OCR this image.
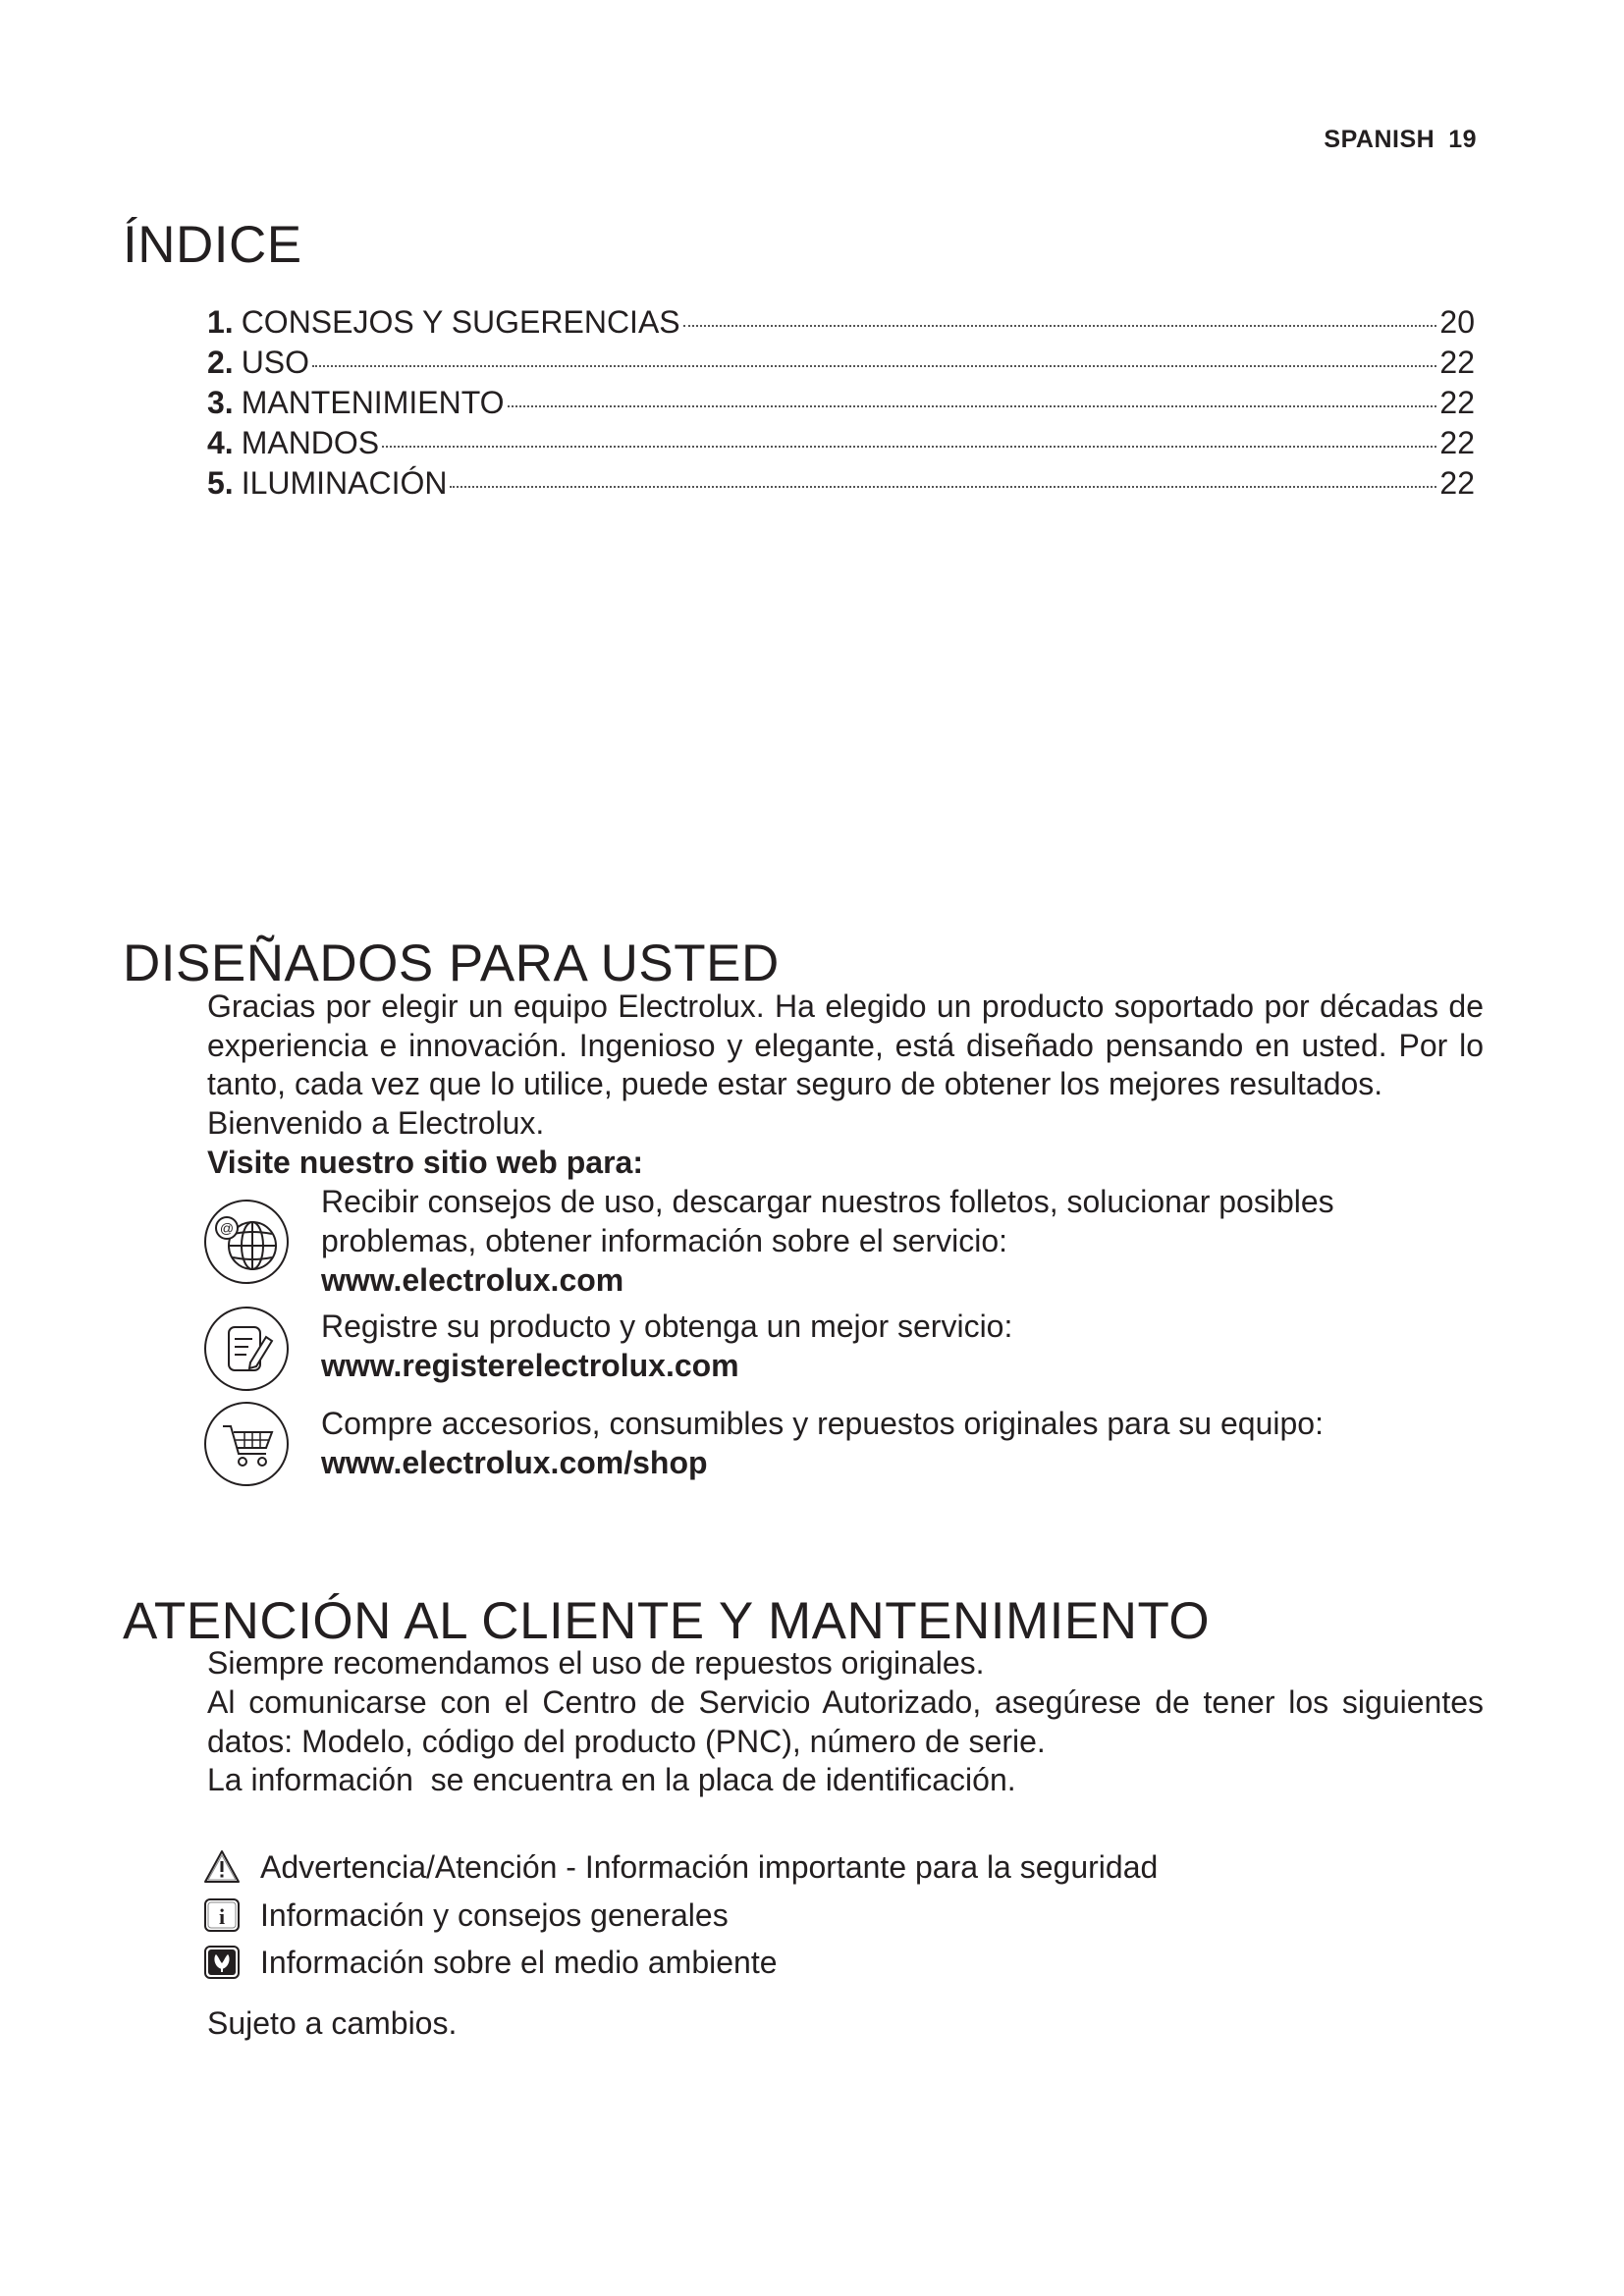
SPANISH 19
ÍNDICE
1. CONSEJOS Y SUGERENCIAS	20
2. USO	22
3. MANTENIMIENTO	22
4. MANDOS	22
5. ILUMINACIÓN	22
DISEÑADOS PARA USTED
Gracias por elegir un equipo Electrolux. Ha elegido un producto soportado por décadas de experiencia e innovación. Ingenioso y elegante, está diseñado pensando en usted. Por lo tanto, cada vez que lo utilice, puede estar seguro de obtener los mejores resultados.
Bienvenido a Electrolux.
Visite nuestro sitio web para:
@
Recibir consejos de uso, descargar nuestros folletos, solucionar posibles
problemas, obtener información sobre el servicio:
www.electrolux.com
Registre su producto y obtenga un mejor servicio:
www.registerelectrolux.com
Compre accesorios, consumibles y repuestos originales para su equipo:
www.electrolux.com/shop
ATENCIÓN AL CLIENTE Y MANTENIMIENTO
Siempre recomendamos el uso de repuestos originales.
Al comunicarse con el Centro de Servicio Autorizado, asegúrese de tener los siguientes datos: Modelo, código del producto (PNC), número de serie.
La información  se encuentra en la placa de identificación.
Advertencia/Atención - Información importante para la seguridad
i Información y consejos generales
Información sobre el medio ambiente
Sujeto a cambios.
